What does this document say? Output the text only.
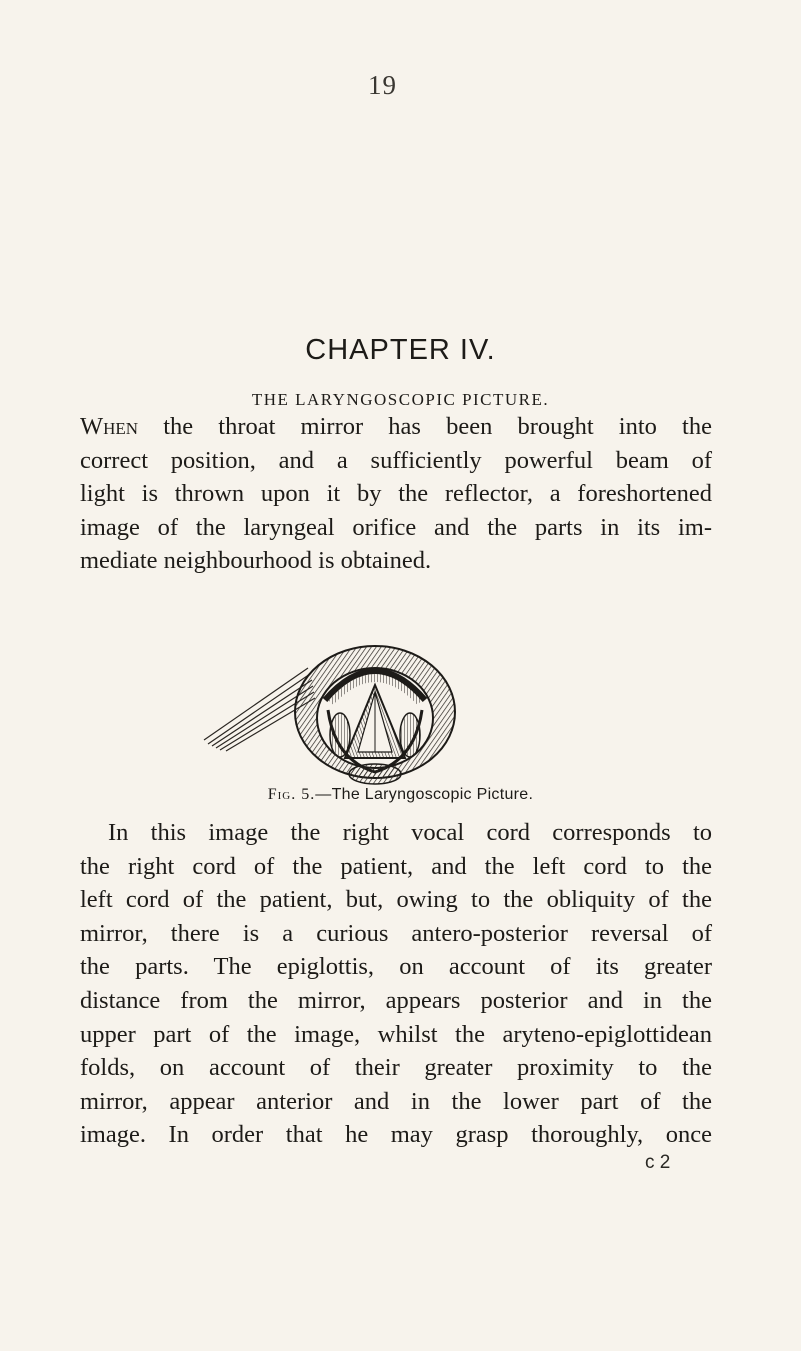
19
CHAPTER IV.
THE LARYNGOSCOPIC PICTURE.
When the throat mirror has been brought into the
correct position, and a sufficiently powerful beam of
light is thrown upon it by the reflector, a foreshortened
image of the laryngeal orifice and the parts in its im-
mediate neighbourhood is obtained.
Fig. 5.—The Laryngoscopic Picture.
In this image the right vocal cord corresponds to
the right cord of the patient, and the left cord to the
left cord of the patient, but, owing to the obliquity of the
mirror, there is a curious antero-posterior reversal of
the parts. The epiglottis, on account of its greater
distance from the mirror, appears posterior and in the
upper part of the image, whilst the aryteno-epiglottidean
folds, on account of their greater proximity to the
mirror, appear anterior and in the lower part of the
image. In order that he may grasp thoroughly, once
c 2
